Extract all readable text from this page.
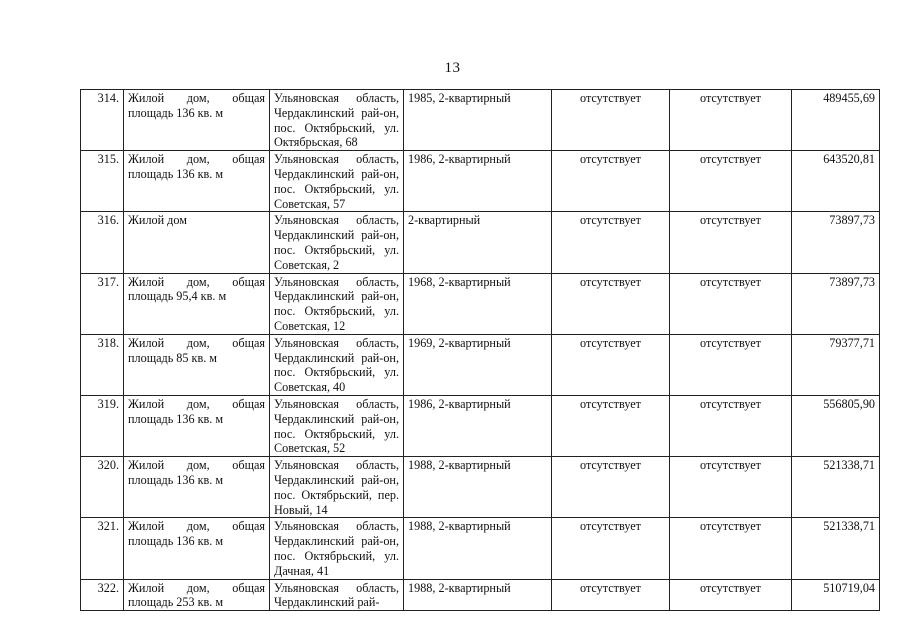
13
314.	Жилой дом, общая площадь 136 кв. м	Ульяновская область, Чердаклинский рай-он, пос. Октябрьский, ул. Октябрьская, 68	1985, 2-квартирный	отсутствует	отсутствует	489455,69
315.	Жилой дом, общая площадь 136 кв. м	Ульяновская область, Чердаклинский рай-он, пос. Октябрьский, ул. Советская, 57	1986, 2-квартирный	отсутствует	отсутствует	643520,81
316.	Жилой дом	Ульяновская область, Чердаклинский рай-он, пос. Октябрьский, ул. Советская, 2	2-квартирный	отсутствует	отсутствует	73897,73
317.	Жилой дом, общая площадь 95,4 кв. м	Ульяновская область, Чердаклинский рай-он, пос. Октябрьский, ул. Советская, 12	1968, 2-квартирный	отсутствует	отсутствует	73897,73
318.	Жилой дом, общая площадь 85 кв. м	Ульяновская область, Чердаклинский рай-он, пос. Октябрьский, ул. Советская, 40	1969, 2-квартирный	отсутствует	отсутствует	79377,71
319.	Жилой дом, общая площадь 136 кв. м	Ульяновская область, Чердаклинский рай-он, пос. Октябрьский, ул. Советская, 52	1986, 2-квартирный	отсутствует	отсутствует	556805,90
320.	Жилой дом, общая площадь 136 кв. м	Ульяновская область, Чердаклинский рай-он, пос. Октябрьский, пер. Новый, 14	1988, 2-квартирный	отсутствует	отсутствует	521338,71
321.	Жилой дом, общая площадь 136 кв. м	Ульяновская область, Чердаклинский рай-он, пос. Октябрьский, ул. Дачная, 41	1988, 2-квартирный	отсутствует	отсутствует	521338,71
322.	Жилой дом, общая площадь 253 кв. м	Ульяновская область, Чердаклинский рай-	1988, 2-квартирный	отсутствует	отсутствует	510719,04
